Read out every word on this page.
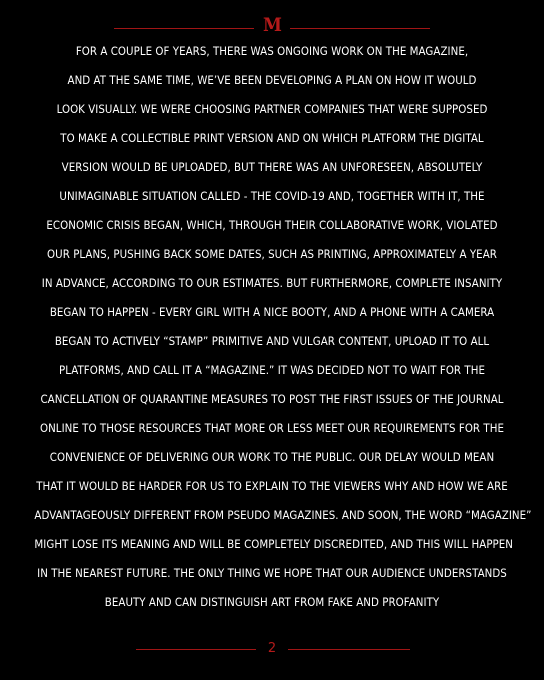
M
FOR A COUPLE OF YEARS, THERE WAS ONGOING WORK ON THE MAGAZINE,
AND AT THE SAME TIME, WE’VE BEEN DEVELOPING A PLAN ON HOW IT WOULD
LOOK VISUALLY. WE WERE CHOOSING PARTNER COMPANIES THAT WERE SUPPOSED
TO MAKE A COLLECTIBLE PRINT VERSION AND ON WHICH PLATFORM THE DIGITAL
VERSION WOULD BE UPLOADED, BUT THERE WAS AN UNFORESEEN, ABSOLUTELY
UNIMAGINABLE SITUATION CALLED - THE COVID-19 AND, TOGETHER WITH IT, THE
ECONOMIC CRISIS BEGAN, WHICH, THROUGH THEIR COLLABORATIVE WORK, VIOLATED
OUR PLANS, PUSHING BACK SOME DATES, SUCH AS PRINTING, APPROXIMATELY A YEAR
IN ADVANCE, ACCORDING TO OUR ESTIMATES. BUT FURTHERMORE, COMPLETE INSANITY
BEGAN TO HAPPEN - EVERY GIRL WITH A NICE BOOTY, AND A PHONE WITH A CAMERA
BEGAN TO ACTIVELY “STAMP” PRIMITIVE AND VULGAR CONTENT, UPLOAD IT TO ALL
PLATFORMS, AND CALL IT A “MAGAZINE.” IT WAS DECIDED NOT TO WAIT FOR THE
CANCELLATION OF QUARANTINE MEASURES TO POST THE FIRST ISSUES OF THE JOURNAL
ONLINE TO THOSE RESOURCES THAT MORE OR LESS MEET OUR REQUIREMENTS FOR THE
CONVENIENCE OF DELIVERING OUR WORK TO THE PUBLIC. OUR DELAY WOULD MEAN
THAT IT WOULD BE HARDER FOR US TO EXPLAIN TO THE VIEWERS WHY AND HOW WE ARE
ADVANTAGEOUSLY DIFFERENT FROM PSEUDO MAGAZINES. AND SOON, THE WORD “MAGAZINE”
MIGHT LOSE ITS MEANING AND WILL BE COMPLETELY DISCREDITED, AND THIS WILL HAPPEN
IN THE NEAREST FUTURE. THE ONLY THING WE HOPE THAT OUR AUDIENCE UNDERSTANDS
BEAUTY AND CAN DISTINGUISH ART FROM FAKE AND PROFANITY
2
